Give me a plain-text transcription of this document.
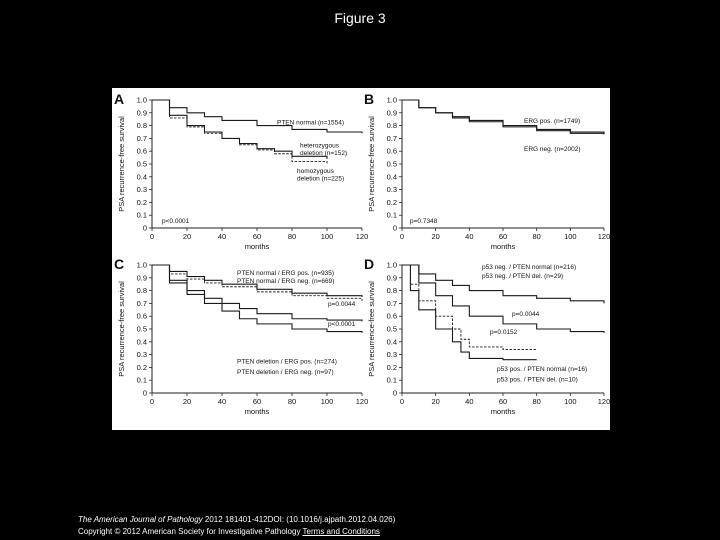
Figure 3
A
0
0.1
0.2
0.3
0.4
0.5
0.6
0.7
0.8
0.9
1.0
0	20	40	60	80	100	120
months
PSA recurrence-free survival	PTEN normal (n=1554)
heterozygous
deletion (n=152)
homozygous
deletion (n=225)
p<0.0001
B
0
0.1
0.2
0.3
0.4
0.5
0.6
0.7
0.8
0.9
1.0
0	20	40	60	80	100	120
months
PSA recurrence-free survival	ERG pos. (n=1749)
ERG neg. (n=2002)
p=0.7348
C
0
0.1
0.2
0.3
0.4
0.5
0.6
0.7
0.8
0.9
1.0
0	20	40	60	80	100	120
months
PSA recurrence-free survival
PTEN normal / ERG pos. (n=935)
PTEN normal / ERG neg. (n=669)
PTEN deletion / ERG pos. (n=274)
PTEN deletion / ERG neg. (n=97)
p=0.0044
p<0.0001
D
0
0.1
0.2
0.3
0.4
0.5
0.6
0.7
0.8
0.9
1.0
0	20	40	60	80	100	120
months
PSA recurrence-free survival
p53 neg. / PTEN normal (n=216)
p53 neg. / PTEN del. (n=29)
p53 pos. / PTEN normal (n=16)
p53 pos. / PTEN del. (n=10)
p=0.0044
p=0.0152
The American Journal of Pathology 2012 181401-412DOI: (10.1016/j.ajpath.2012.04.026)
Copyright © 2012 American Society for Investigative Pathology Terms and Conditions
